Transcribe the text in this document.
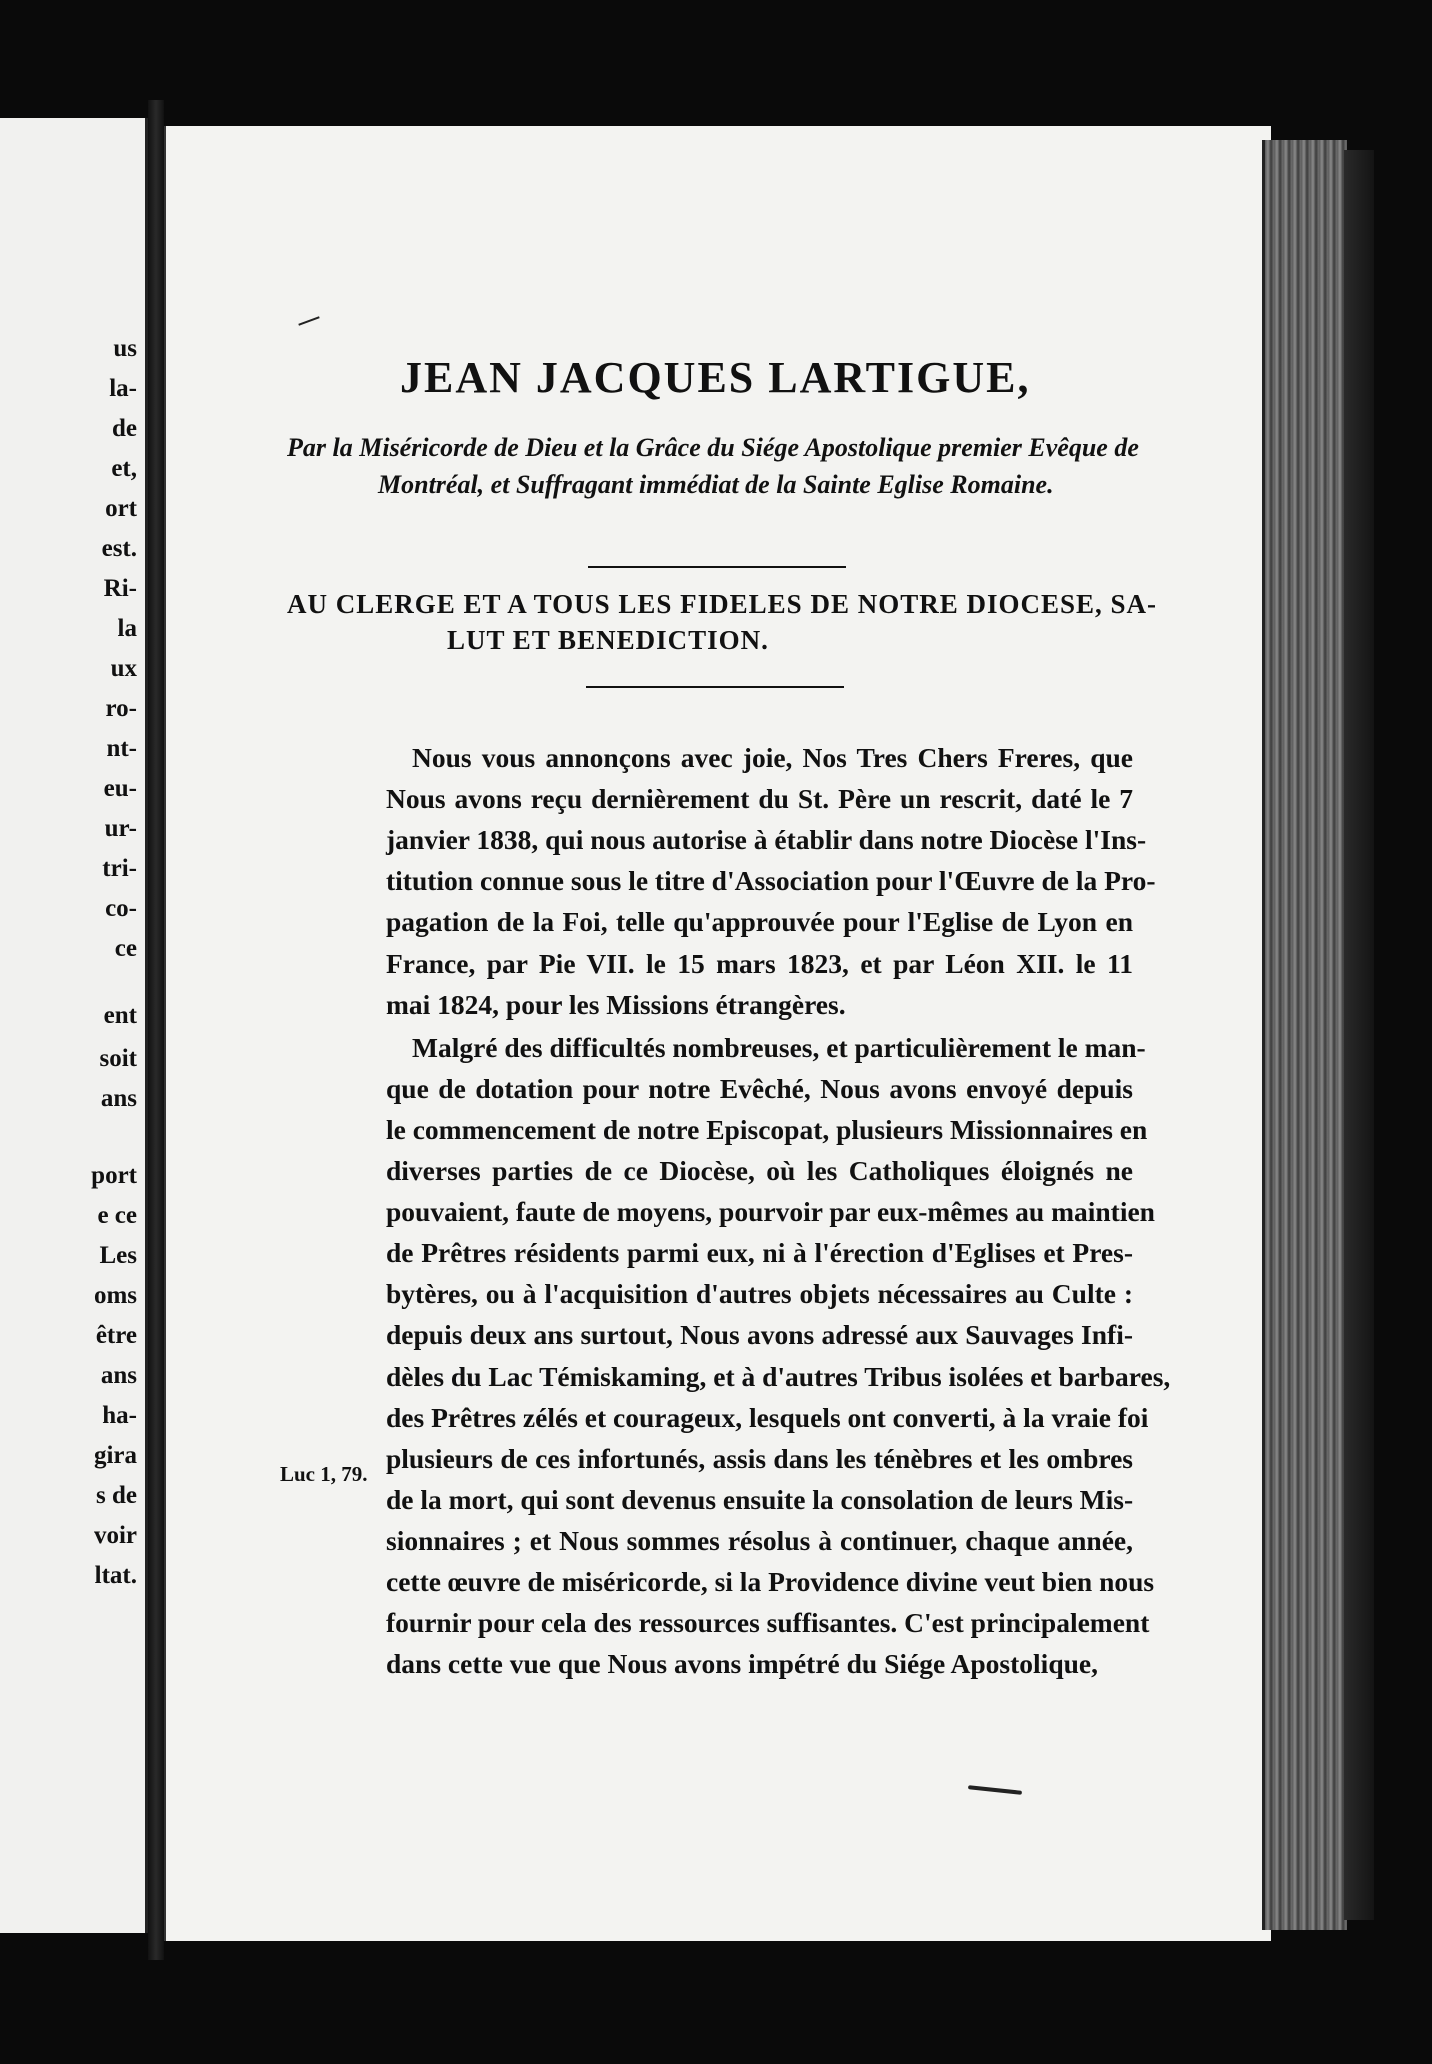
us
la-
de
et,
ort
est.
Ri-
la
ux
ro-
nt-
eu-
ur-
tri-
co-
ce
ent
soit
ans
port
e ce
Les
oms
être
ans
ha-
gira
s de
voir
ltat.
JEAN JACQUES LARTIGUE,
Par la Miséricorde de Dieu et la Grâce du Siége Apostolique premier Evêque de
Montréal, et Suffragant immédiat de la Sainte Eglise Romaine.
AU CLERGE ET A TOUS LES FIDELES DE NOTRE DIOCESE, SA-
LUT ET BENEDICTION.
Nous vous annonçons avec joie, Nos Tres Chers Freres, que
Nous avons reçu dernièrement du St. Père un rescrit, daté le 7
janvier 1838, qui nous autorise à établir dans notre Diocèse l'Ins-
titution connue sous le titre d'Association pour l'Œuvre de la Pro-
pagation de la Foi, telle qu'approuvée pour l'Eglise de Lyon en
France, par Pie VII. le 15 mars 1823, et par Léon XII. le 11
mai 1824, pour les Missions étrangères.
Malgré des difficultés nombreuses, et particulièrement le man-
que de dotation pour notre Evêché, Nous avons envoyé depuis
le commencement de notre Episcopat, plusieurs Missionnaires en
diverses parties de ce Diocèse, où les Catholiques éloignés ne
pouvaient, faute de moyens, pourvoir par eux-mêmes au maintien
de Prêtres résidents parmi eux, ni à l'érection d'Eglises et Pres-
bytères, ou à l'acquisition d'autres objets nécessaires au Culte :
depuis deux ans surtout, Nous avons adressé aux Sauvages Infi-
dèles du Lac Témiskaming, et à d'autres Tribus isolées et barbares,
des Prêtres zélés et courageux, lesquels ont converti, à la vraie foi
plusieurs de ces infortunés, assis dans les ténèbres et les ombres
de la mort, qui sont devenus ensuite la consolation de leurs Mis-
sionnaires ; et Nous sommes résolus à continuer, chaque année,
cette œuvre de miséricorde, si la Providence divine veut bien nous
fournir pour cela des ressources suffisantes. C'est principalement
dans cette vue que Nous avons impétré du Siége Apostolique,
Luc 1, 79.
